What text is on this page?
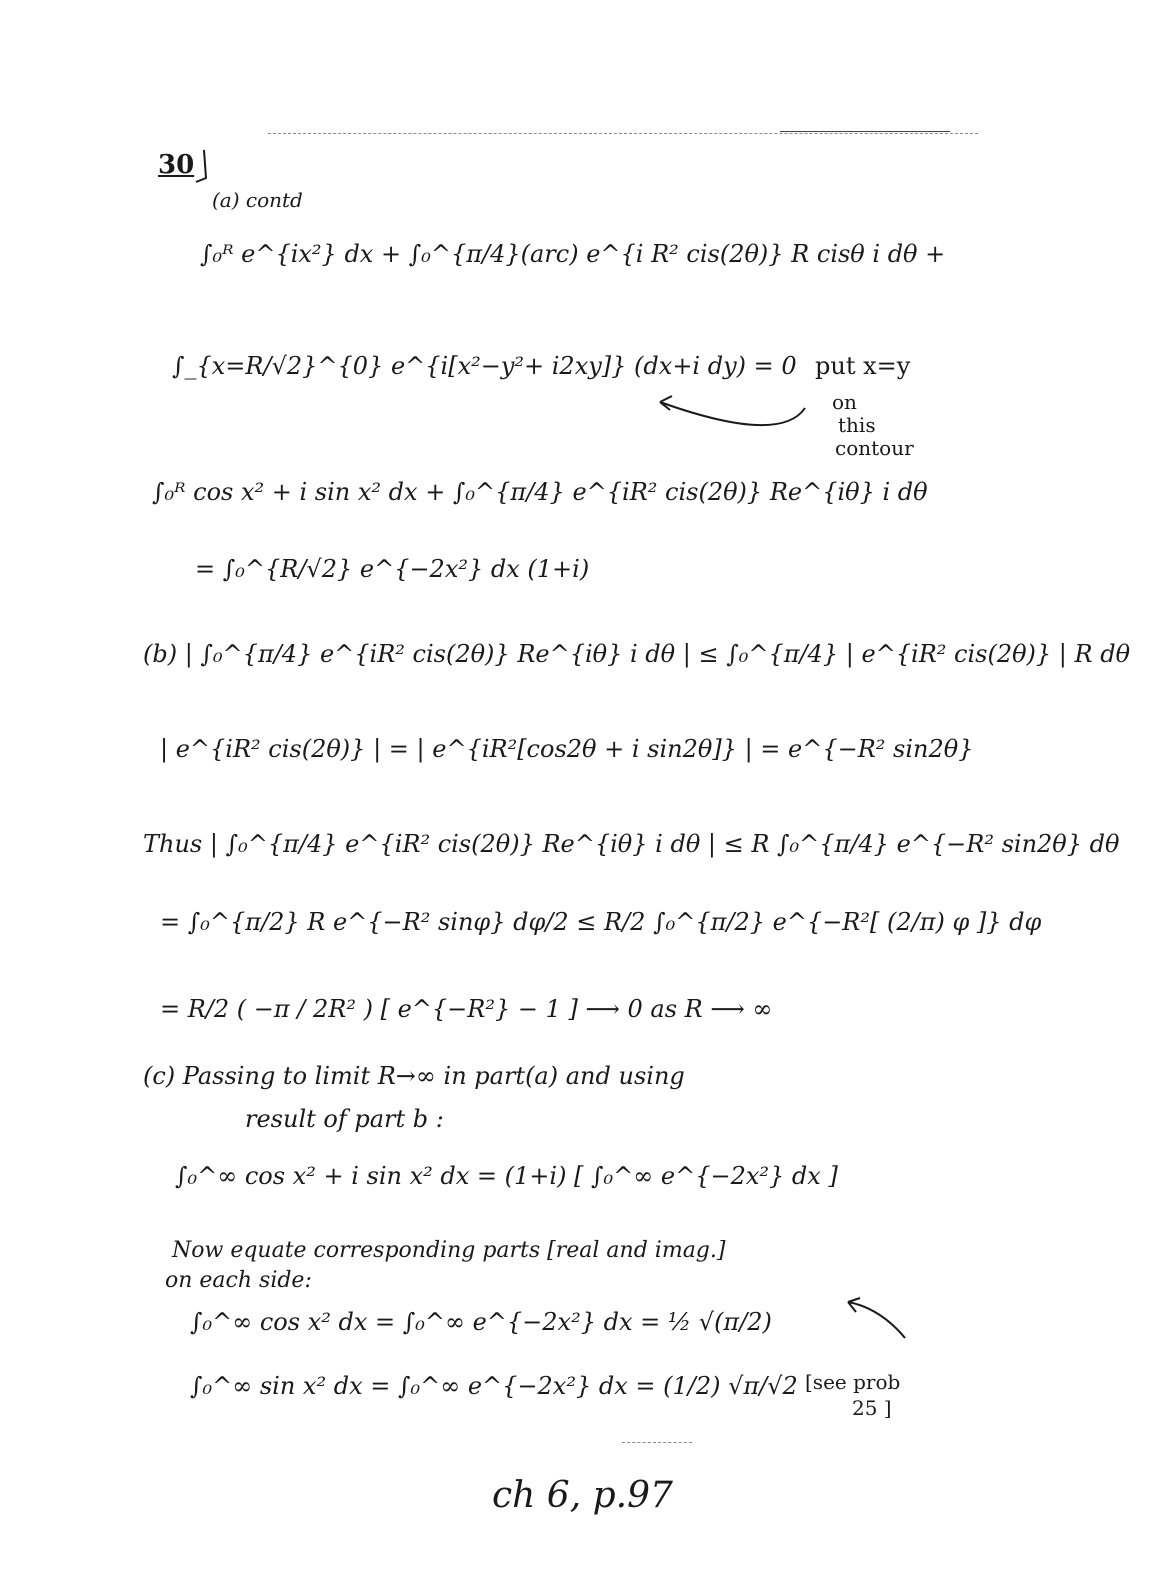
30
(a) contd
∫₀ᴿ e^{ix²} dx + ∫₀^{π/4}(arc) e^{i R² cis(2θ)} R cisθ i dθ +
∫_{x=R/√2}^{0} e^{i[x²−y²+ i2xy]} (dx+i dy) = 0 put x=y
on
this
contour
∫₀ᴿ cos x² + i sin x² dx + ∫₀^{π/4} e^{iR² cis(2θ)} Re^{iθ} i dθ
= ∫₀^{R/√2} e^{−2x²} dx (1+i)
(b) | ∫₀^{π/4} e^{iR² cis(2θ)} Re^{iθ} i dθ | ≤ ∫₀^{π/4} | e^{iR² cis(2θ)} | R dθ
| e^{iR² cis(2θ)} | = | e^{iR²[cos2θ + i sin2θ]} | = e^{−R² sin2θ}
Thus | ∫₀^{π/4} e^{iR² cis(2θ)} Re^{iθ} i dθ | ≤ R ∫₀^{π/4} e^{−R² sin2θ} dθ
= ∫₀^{π/2} R e^{−R² sinφ} dφ/2 ≤ R/2 ∫₀^{π/2} e^{−R²[ (2/π) φ ]} dφ
= R/2 ( −π / 2R² ) [ e^{−R²} − 1 ] ⟶ 0 as R ⟶ ∞
(c) Passing to limit R→∞ in part(a) and using
result of part b :
∫₀^∞ cos x² + i sin x² dx = (1+i) [ ∫₀^∞ e^{−2x²} dx ]
Now equate corresponding parts [real and imag.]
on each side:
∫₀^∞ cos x² dx = ∫₀^∞ e^{−2x²} dx = ½ √(π/2)
∫₀^∞ sin x² dx = ∫₀^∞ e^{−2x²} dx = (1/2) √π/√2 [see prob
25 ]
ch 6, p.97
